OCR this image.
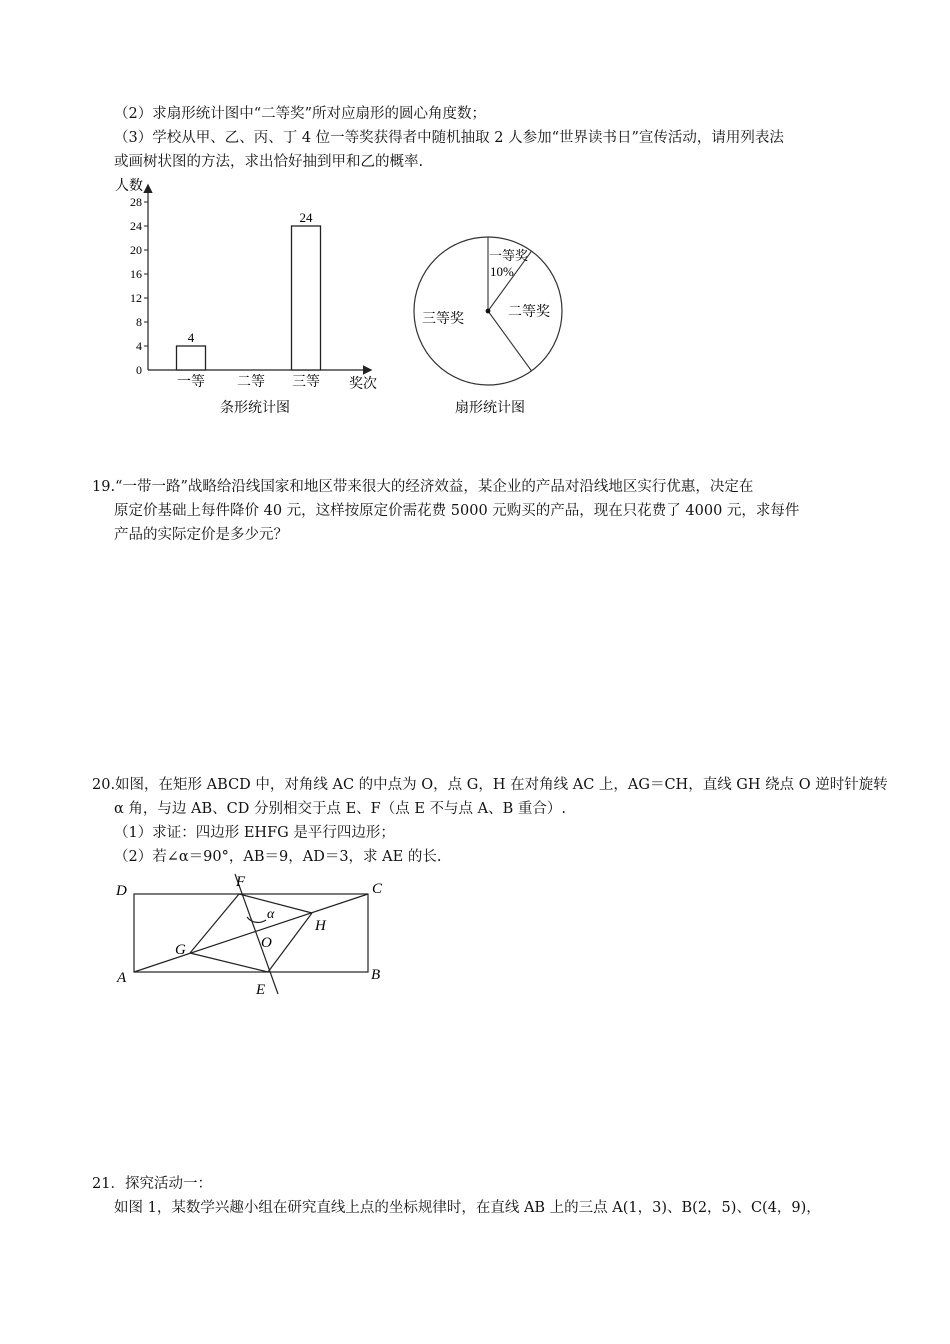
（2）求扇形统计图中“二等奖”所对应扇形的圆心角度数；
（3）学校从甲、乙、丙、丁 4 位一等奖获得者中随机抽取 2 人参加“世界读书日”宣传活动，请用列表法
或画树状图的方法，求出恰好抽到甲和乙的概率.
人数
奖次
0
4
8
12
16
20
24
28
4
一等 二等
24
三等
条形统计图
一等奖
10%
二等奖
三等奖
扇形统计图
19.“一带一路”战略给沿线国家和地区带来很大的经济效益，某企业的产品对沿线地区实行优惠，决定在
原定价基础上每件降价 40 元，这样按原定价需花费 5000 元购买的产品，现在只花费了 4000 元，求每件
产品的实际定价是多少元？
20.如图，在矩形 ABCD 中，对角线 AC 的中点为 O，点 G，H 在对角线 AC 上，AG＝CH，直线 GH 绕点 O 逆时针旋转
α 角，与边 AB、CD 分别相交于点 E、F（点 E 不与点 A、B 重合）.
（1）求证：四边形 EHFG 是平行四边形；
（2）若∠α＝90°，AB＝9，AD＝3，求 AE 的长.
D
F	C
α
H
G	O
A
E
B
21．探究活动一：
如图 1，某数学兴趣小组在研究直线上点的坐标规律时，在直线 AB 上的三点 A(1，3)、B(2，5)、C(4，9)，
